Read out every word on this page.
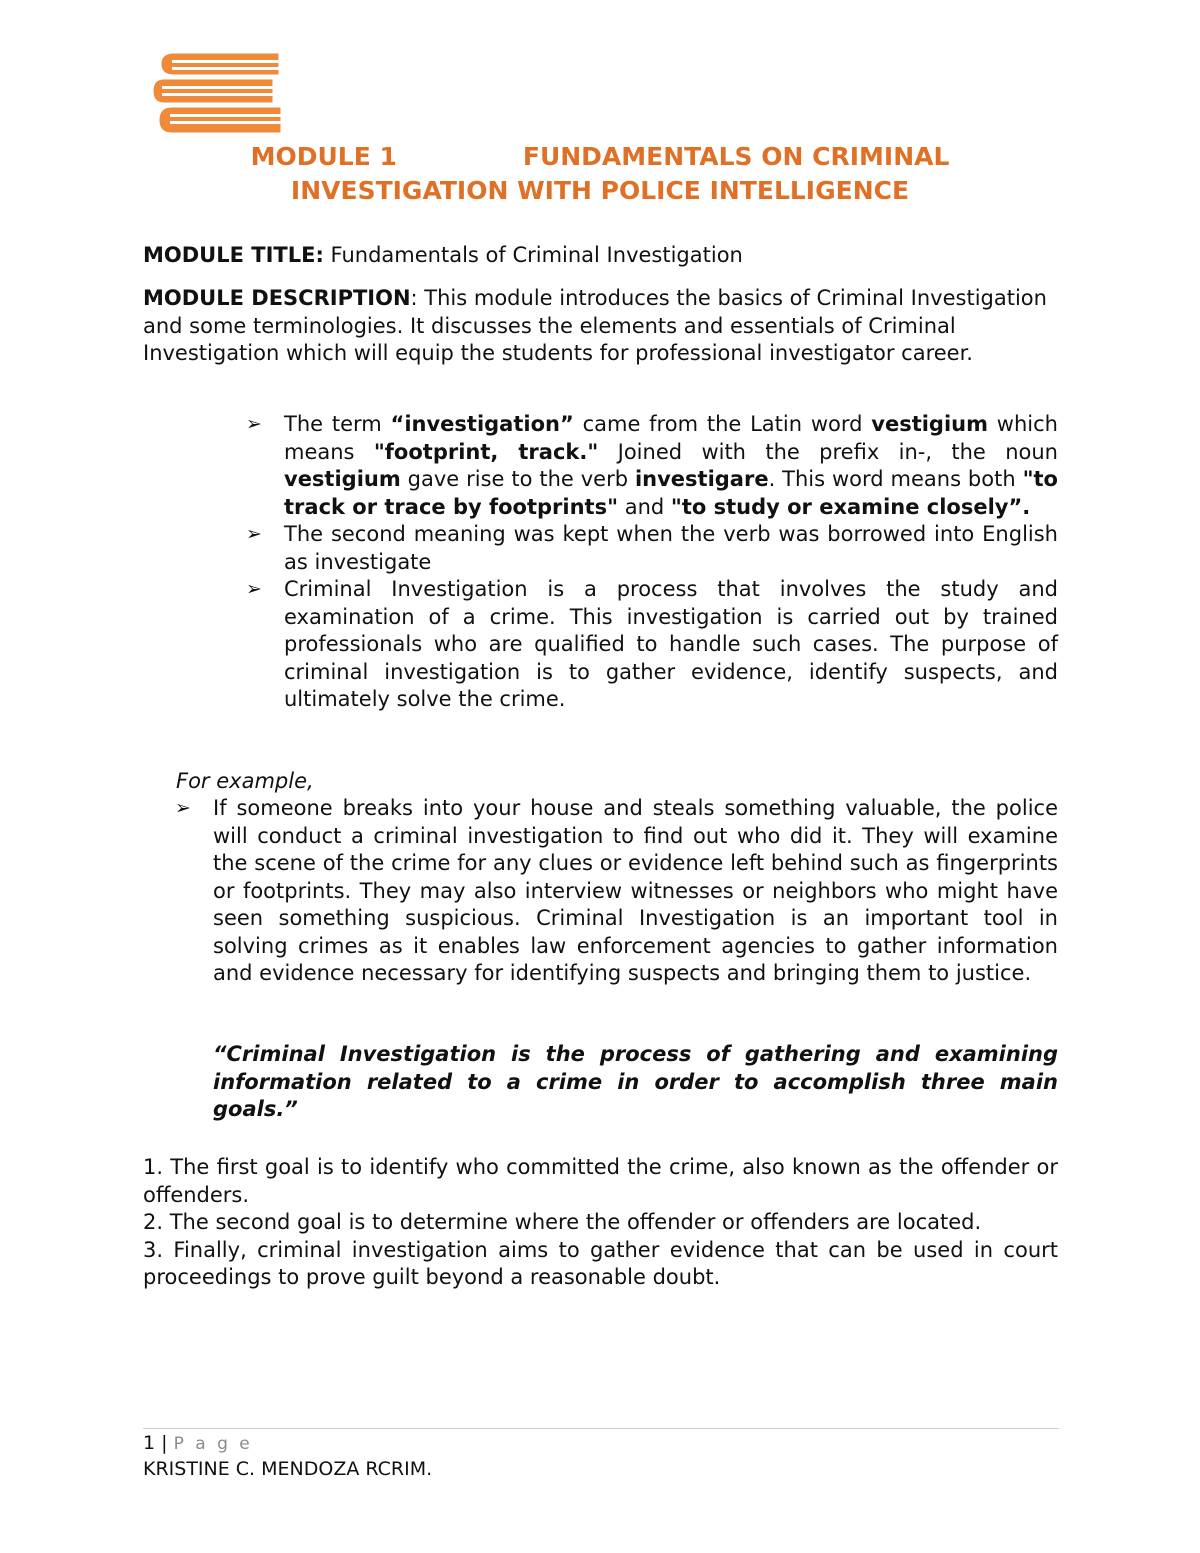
MODULE 1	FUNDAMENTALS ON CRIMINAL
INVESTIGATION WITH POLICE INTELLIGENCE
MODULE TITLE: Fundamentals of Criminal Investigation
MODULE DESCRIPTION: This module introduces the basics of Criminal Investigation and some terminologies. It discusses the elements and essentials of Criminal Investigation which will equip the students for professional investigator career.
➢ The term “investigation” came from the Latin word vestigium which means "footprint, track." Joined with the prefix in-, the noun vestigium gave rise to the verb investigare. This word means both "to track or trace by footprints" and "to study or examine closely”.
➢ The second meaning was kept when the verb was borrowed into English as investigate
➢ Criminal Investigation is a process that involves the study and examination of a crime. This investigation is carried out by trained professionals who are qualified to handle such cases. The purpose of criminal investigation is to gather evidence, identify suspects, and ultimately solve the crime.
For example,
➢ If someone breaks into your house and steals something valuable, the police will conduct a criminal investigation to find out who did it. They will examine the scene of the crime for any clues or evidence left behind such as fingerprints or footprints. They may also interview witnesses or neighbors who might have seen something suspicious. Criminal Investigation is an important tool in solving crimes as it enables law enforcement agencies to gather information and evidence necessary for identifying suspects and bringing them to justice.
“Criminal Investigation is the process of gathering and examining information related to a crime in order to accomplish three main goals.”
1. The first goal is to identify who committed the crime, also known as the offender or offenders.
2. The second goal is to determine where the offender or offenders are located.
3. Finally, criminal investigation aims to gather evidence that can be used in court proceedings to prove guilt beyond a reasonable doubt.
1 | P a g e
KRISTINE C. MENDOZA RCRIM.
